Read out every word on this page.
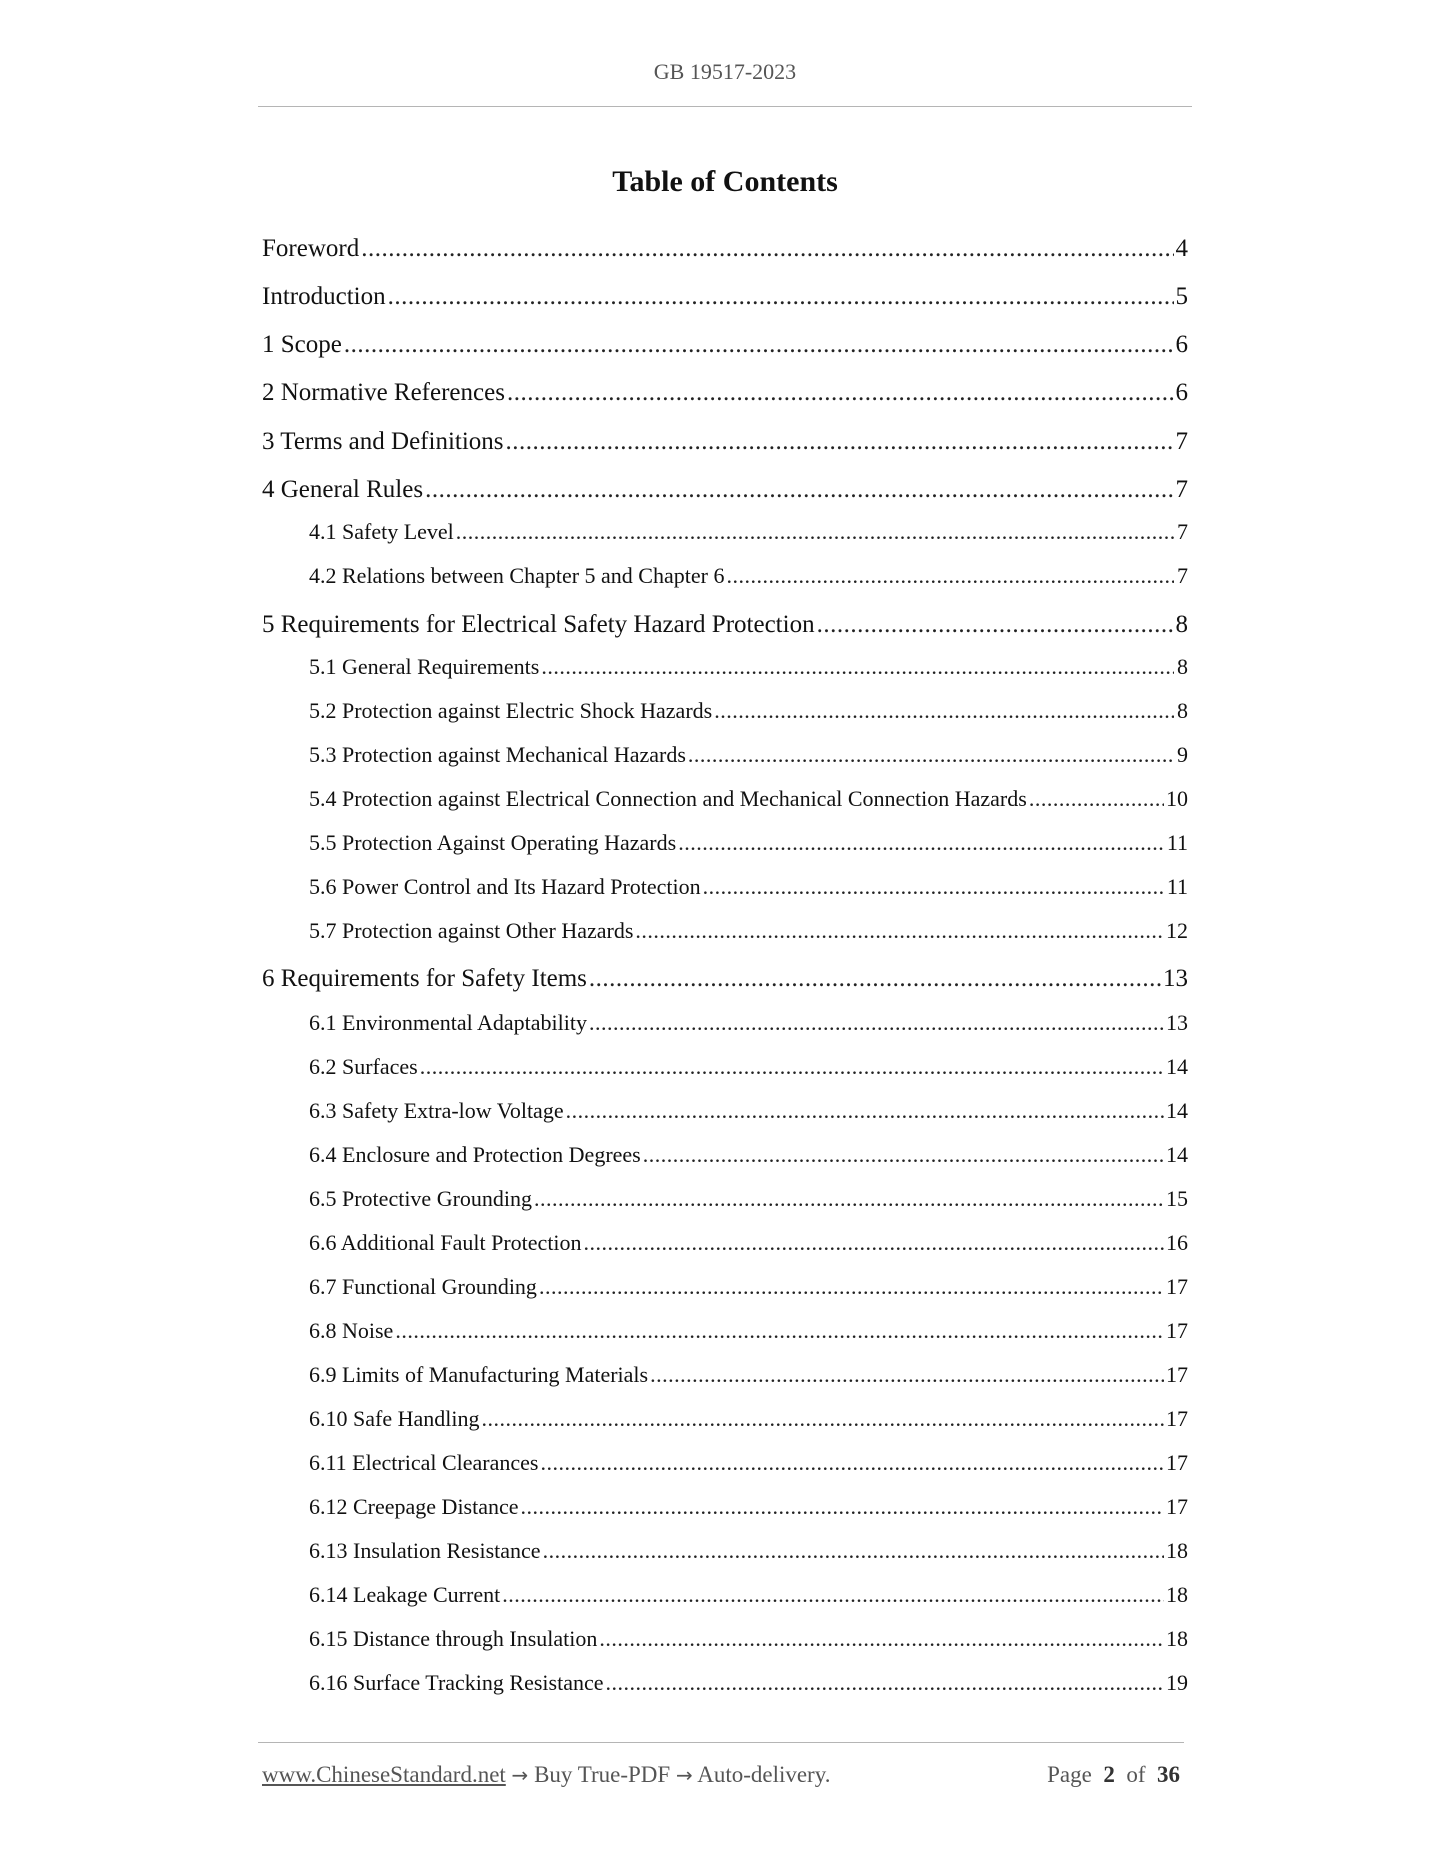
GB 19517-2023
Table of Contents
Foreword .....	4
Introduction .....	5
1 Scope .....	6
2 Normative References .....	6
3 Terms and Definitions .....	7
4 General Rules .....	7
4.1 Safety Level .....	7
4.2 Relations between Chapter 5 and Chapter 6 .....	7
5 Requirements for Electrical Safety Hazard Protection .....	8
5.1 General Requirements .....	8
5.2 Protection against Electric Shock Hazards .....	8
5.3 Protection against Mechanical Hazards .....	9
5.4 Protection against Electrical Connection and Mechanical Connection Hazards .....	10
5.5 Protection Against Operating Hazards .....	11
5.6 Power Control and Its Hazard Protection .....	11
5.7 Protection against Other Hazards .....	12
6 Requirements for Safety Items .....	13
6.1 Environmental Adaptability .....	13
6.2 Surfaces .....	14
6.3 Safety Extra-low Voltage .....	14
6.4 Enclosure and Protection Degrees .....	14
6.5 Protective Grounding .....	15
6.6 Additional Fault Protection .....	16
6.7 Functional Grounding .....	17
6.8 Noise .....	17
6.9 Limits of Manufacturing Materials .....	17
6.10 Safe Handling .....	17
6.11 Electrical Clearances .....	17
6.12 Creepage Distance .....	17
6.13 Insulation Resistance .....	18
6.14 Leakage Current .....	18
6.15 Distance through Insulation .....	18
6.16 Surface Tracking Resistance .....	19
www.ChineseStandard.net → Buy True-PDF → Auto-delivery.	Page 2 of 36
